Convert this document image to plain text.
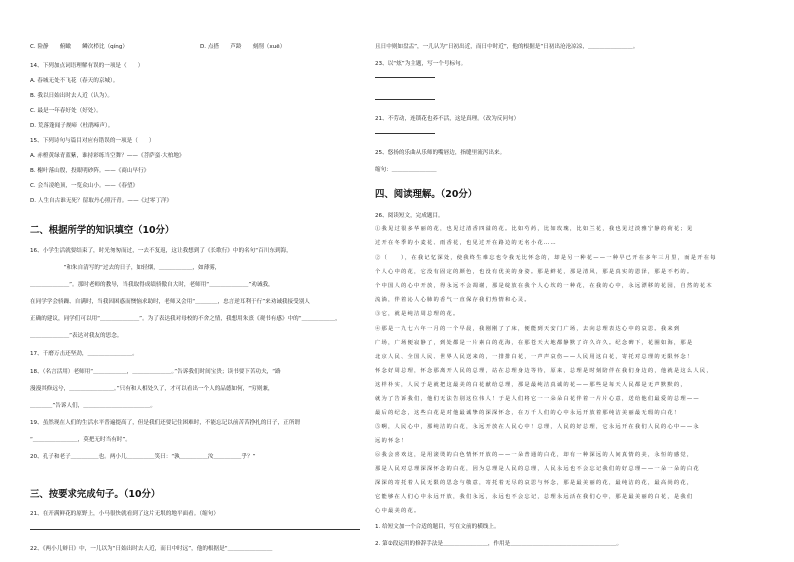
C. 险静　　俯瞰　　鳞次栉比（qíng）	D. 点搭　　芦龄　　刻削（xuē）
14、下列加点词语理解有误的一项是（　　）
A. 春城无处不飞花（春天的京城）。
B. 我以日始出时去人近（认为）。
C. 最是一年春好处（好处）。
D. 荒落蓬闻子规啼（杜鹃啼声）。
15、下列诗句与篇目对应有错误的一项是（　　）
A. 赤橙黄绿青蓝紫，谁持彩练当空舞？——《菩萨蛮·大柏地》
B. 榭叶落山殷，投眼明砂阵。——《商山早行》
C. 会当凌绝顶，一览众山小。——《春望》
D. 人生自古谁无死？留取丹心照汗青。——《过零丁洋》
16、小学生活就要结束了，时光匆匆而过，一去不复返，这让我想到了《长歌行》中的名句“百川东到海，
　　　　　　”和朱自清写的“过去的日子，如轻烟，＿＿＿＿＿＿，如薄雾，
＿＿＿＿＿＿＿”。那时老师的教导，当我取得成绩骄傲自大时，老师用“＿＿＿＿＿＿＿”劝诫我，
在同学学会骄躁、自满时，当我因困惑而懊恼求助时，老师又会用“＿＿＿＿，忠言逆耳利于行”来劝诫我接受别人
正确的建议，同学们可以用“＿＿＿＿＿＿＿”。为了表达我对母校的不舍之情，我想用朱熹《观书有感》中的“＿＿＿＿＿＿，
＿＿＿＿＿＿＿”表达对我友的思念。
17、千磨万击还坚劲，＿＿＿＿＿＿＿＿。
18、（名言活用）老师用“＿＿＿＿＿＿，＿＿＿＿＿＿＿。”告诉我们时间宝贵；读书要下苦功夫，“路
漫漫其修远兮，＿＿＿＿＿＿＿＿。”只有和人相处久了，才可以看出一个人的品德如何，“穷则兼，
＿＿＿＿”告诉人们，＿＿＿＿＿＿＿＿＿＿＿＿。
19、虽然现在人们的生活水平普遍提高了，但是我们还要记住困难时，不能忘记以前苦苦挣扎的日子，正所谓
“＿＿＿＿＿＿＿＿，莫把无时当有时”。
20、孔子和老子＿＿＿＿＿也。两小儿＿＿＿＿＿笑曰：“孰＿＿＿＿＿汝＿＿＿＿＿乎？”
21、在开满鲜花的原野上，小马很快就看到了这片无垠的地平面看。（缩句）
22、《两小儿辩日》中，一儿以为“日始出时去人近，而日中时远”，他的根据是“＿＿＿＿＿＿＿＿
二、根据所学的知识填空（10分）
三、按要求完成句子。（10分）
且日中则如盘盂”，一儿认为“日初出近，而日中时近”，他的根据是“日初出沧沧凉凉，＿＿＿＿＿＿＿＿。
23、以“炫”为主题，写一个号标句。
21、不劳动，连锁花也养不活，这是真理。（改为反问句）
25、悠扬的乐曲从乐师的嘴唇边，指缝里流泻出来。
缩句：＿＿＿＿＿＿＿＿
26、阅读短文，完成题目。
①我见过很多华丽的花，也见过清香四溢的花。比如芍药，比如玫瑰，比如兰花，我也见过淡雅宁静的荷花；见
过开在冬季的小麦花、雨香花，也见过开在路边的无名小花……
②（　　），在我记忆深处，使我终生难忘也令我无比怀念的，却是另一种花——一种早已开在多年三月里，而是开在每
个人心中的花，它没有固定的颜色，也没有优美的身姿。那是鲜花，那是清风，那是真实的恩泽，那是不朽的。
个中国人的心中开放，得永远不会凋谢，那是绽放在我个人心坎的一种花，在我的心中，永远漂移的花园，自然的花木
流淌，伴着沁人心肺的香气一直保存我们热情和心灵。
③它，就是纯洁周总理的花。
④那是一九七六年一月的一个早晨，我刚刚了了床，便能到天安门广场，去向总理表达心中的哀思。我来到
广场，广场便寂静了，到处都是一片素白的花海，在那苍天大地都静默了许久许久。纪念碑下，花圈如海，那是
北京人民、全国人民、世界人民送来的，一排排白花，一声声哀伤——人民用这白花，寄托对总理的无限怀念！
怀念好周总理，怀念那离开人民的总理，站在总理身边等待，原来，总理是时刻陪伴在我们身边的，他就是这么人民，
这样朴实，人民于是就把这最美的白花献给总理，那是最纯洁真诚的花——那些是每天人民都是无声默默的，
就为了告诉我们，他们无法告别这位伟人！于是人们将它一一朵朵白花伴着一片片心意，送给他们最爱的总理——
最后的纪念，这些白花是对他最诚挚的深深怀念，在万千人们的心中永远开放着那纯洁美丽最无瑕的白花！
⑤啊，人民心中，那纯洁的白花，永远开放在人民心中！总理，人民的好总理，它永远开在我们人民的心中——永
远的怀念！
⑥我会喜欢这，是用滚烫的白色情怀开放的——一朵普通的白花，却有一种深远的人间真情的美，永恒的感觉，
那是人民对总理深深怀念的白花，因为总理是人民的总理，人民永远也不会忘记我们的好总理——一朵一朵的白花
深深的寄托着人民无限的思念与敬意，寄托着无尽的哀思与怀念，那是最美丽的花，最纯洁的花，最高尚的花，
它能够在人们心中永远开放，我们永远，永远也不会忘记，总理永远活在我们心中，那是最美丽的白花，是我们
心中最美的花。
1. 给短文加一个合适的题目，写在文前的横线上。
2. 第②段运用的修辞手法是＿＿＿＿＿＿＿＿，作用是＿＿＿＿＿＿＿＿＿＿＿＿＿＿＿＿＿＿＿。
四、阅读理解。（20分）
